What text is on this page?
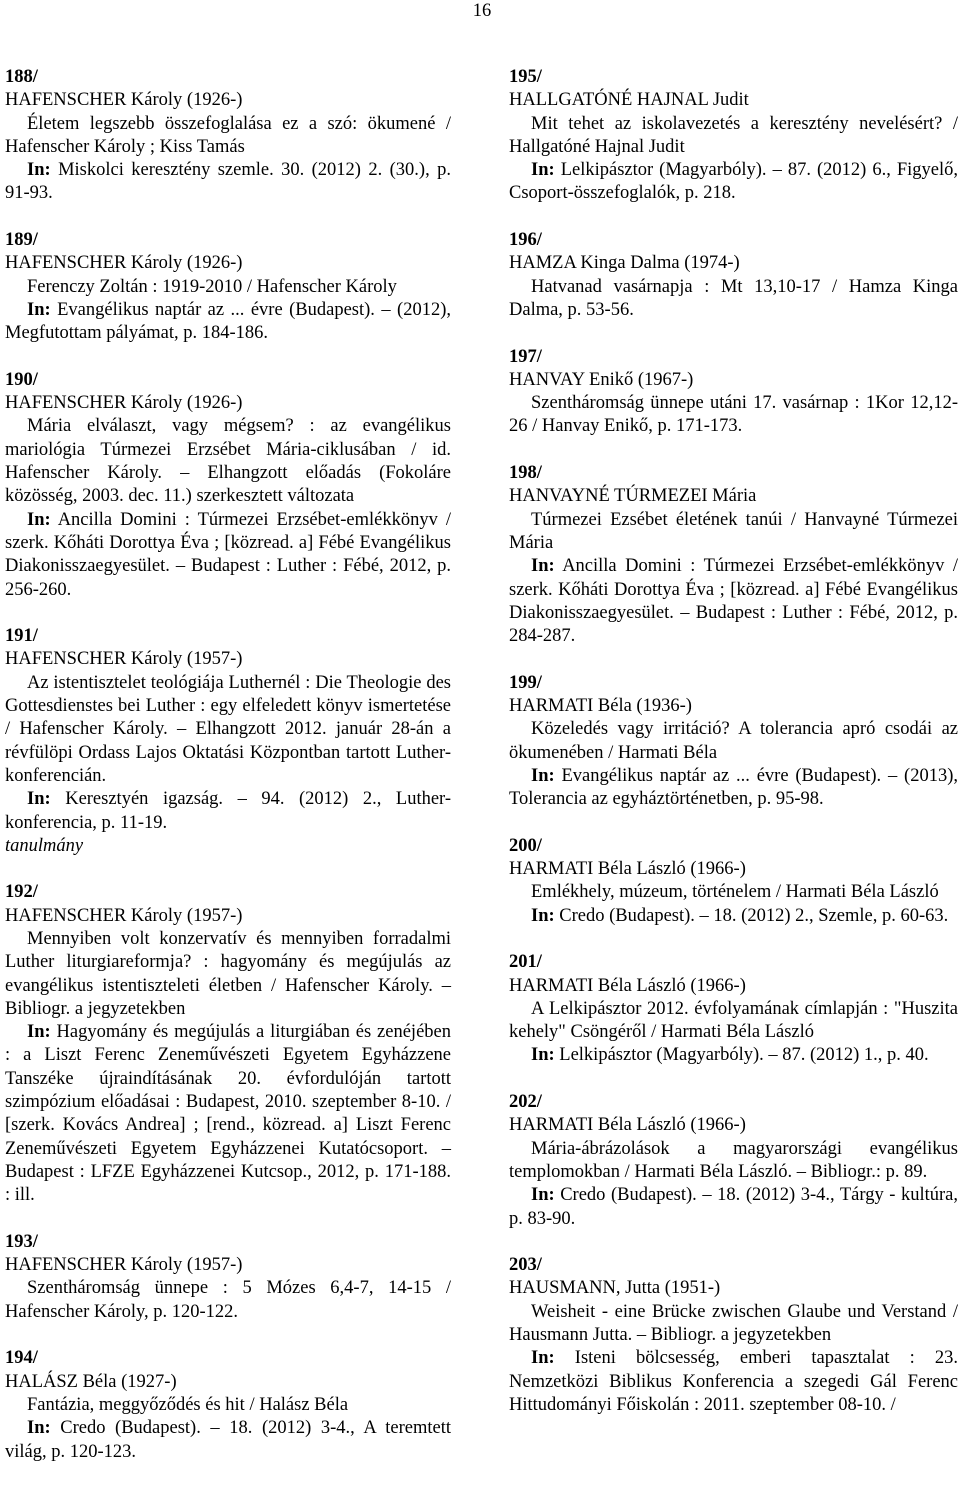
16

188/

HAFENSCHER Károly (1926-)

Életem legszebb összefoglalása ez a szó: ökumené / Hafenscher Károly ; Kiss Tamás

In: Miskolci keresztény szemle. 30. (2012) 2. (30.), p. 91-93.

189/

HAFENSCHER Károly (1926-)

Ferenczy Zoltán : 1919-2010 / Hafenscher Károly

In: Evangélikus naptár az ... évre (Budapest). – (2012), Megfutottam pályámat, p. 184-186.

190/

HAFENSCHER Károly (1926-)

Mária elválaszt, vagy mégsem? : az evangélikus mariológia Túrmezei Erzsébet Mária-ciklusában / id. Hafenscher Károly. – Elhangzott előadás (Fokoláre közösség, 2003. dec. 11.) szerkesztett változata

In: Ancilla Domini : Túrmezei Erzsébet-emlékkönyv / szerk. Kőháti Dorottya Éva ; [közread. a] Fébé Evangélikus Diakonisszaegyesület. – Budapest : Luther : Fébé, 2012, p. 256-260.

191/

HAFENSCHER Károly (1957-)

Az istentisztelet teológiája Luthernél : Die Theologie des Gottesdienstes bei Luther : egy elfeledett könyv ismertetése / Hafenscher Károly. – Elhangzott 2012. január 28-án a révfülöpi Ordass Lajos Oktatási Központban tartott Luther-konferencián.

In: Keresztyén igazság. – 94. (2012) 2., Luther-konferencia, p. 11-19.

tanulmány

192/

HAFENSCHER Károly (1957-)

Mennyiben volt konzervatív és mennyiben forradalmi Luther liturgiareformja? : hagyomány és megújulás az evangélikus istentiszteleti életben / Hafenscher Károly. – Bibliogr. a jegyzetekben

In: Hagyomány és megújulás a liturgiában és zenéjében : a Liszt Ferenc Zeneművészeti Egyetem Egyházzene Tanszéke újraindításának 20. évfordulóján tartott szimpózium előadásai : Budapest, 2010. szeptember 8-10. / [szerk. Kovács Andrea] ; [rend., közread. a] Liszt Ferenc Zeneművészeti Egyetem Egyházzenei Kutatócsoport. – Budapest : LFZE Egyházzenei Kutcsop., 2012, p. 171-188. : ill.

193/

HAFENSCHER Károly (1957-)

Szentháromság ünnepe : 5 Mózes 6,4-7, 14-15 / Hafenscher Károly, p. 120-122.

194/

HALÁSZ Béla (1927-)

Fantázia, meggyőződés és hit / Halász Béla

In: Credo (Budapest). – 18. (2012) 3-4., A teremtett világ, p. 120-123.

195/

HALLGATÓNÉ HAJNAL Judit

Mit tehet az iskolavezetés a keresztény nevelésért? / Hallgatóné Hajnal Judit

In: Lelkipásztor (Magyarbóly). – 87. (2012) 6., Figyelő, Csoport-összefoglalók, p. 218.

196/

HAMZA Kinga Dalma (1974-)

Hatvanad vasárnapja : Mt 13,10-17 / Hamza Kinga Dalma, p. 53-56.

197/

HANVAY Enikő (1967-)

Szentháromság ünnepe utáni 17. vasárnap : 1Kor 12,12-26 / Hanvay Enikő, p. 171-173.

198/

HANVAYNÉ TÚRMEZEI Mária

Túrmezei Ezsébet életének tanúi / Hanvayné Túrmezei Mária

In: Ancilla Domini : Túrmezei Erzsébet-emlékkönyv / szerk. Kőháti Dorottya Éva ; [közread. a] Fébé Evangélikus Diakonisszaegyesület. – Budapest : Luther : Fébé, 2012, p. 284-287.

199/

HARMATI Béla (1936-)

Közeledés vagy irritáció? A tolerancia apró csodái az ökumenében / Harmati Béla

In: Evangélikus naptár az ... évre (Budapest). – (2013), Tolerancia az egyháztörténetben, p. 95-98.

200/

HARMATI Béla László (1966-)

Emlékhely, múzeum, történelem / Harmati Béla László

In: Credo (Budapest). – 18. (2012) 2., Szemle, p. 60-63.

201/

HARMATI Béla László (1966-)

A Lelkipásztor 2012. évfolyamának címlapján : "Huszita kehely" Csöngéről / Harmati Béla László

In: Lelkipásztor (Magyarbóly). – 87. (2012) 1., p. 40.

202/

HARMATI Béla László (1966-)

Mária-ábrázolások a magyarországi evangélikus templomokban / Harmati Béla László. – Bibliogr.: p. 89.

In: Credo (Budapest). – 18. (2012) 3-4., Tárgy - kultúra, p. 83-90.

203/

HAUSMANN, Jutta (1951-)

Weisheit - eine Brücke zwischen Glaube und Verstand / Hausmann Jutta. – Bibliogr. a jegyzetekben

In: Isteni bölcsesség, emberi tapasztalat : 23. Nemzetközi Biblikus Konferencia a szegedi Gál Ferenc Hittudományi Főiskolán : 2011. szeptember 08-10. /
